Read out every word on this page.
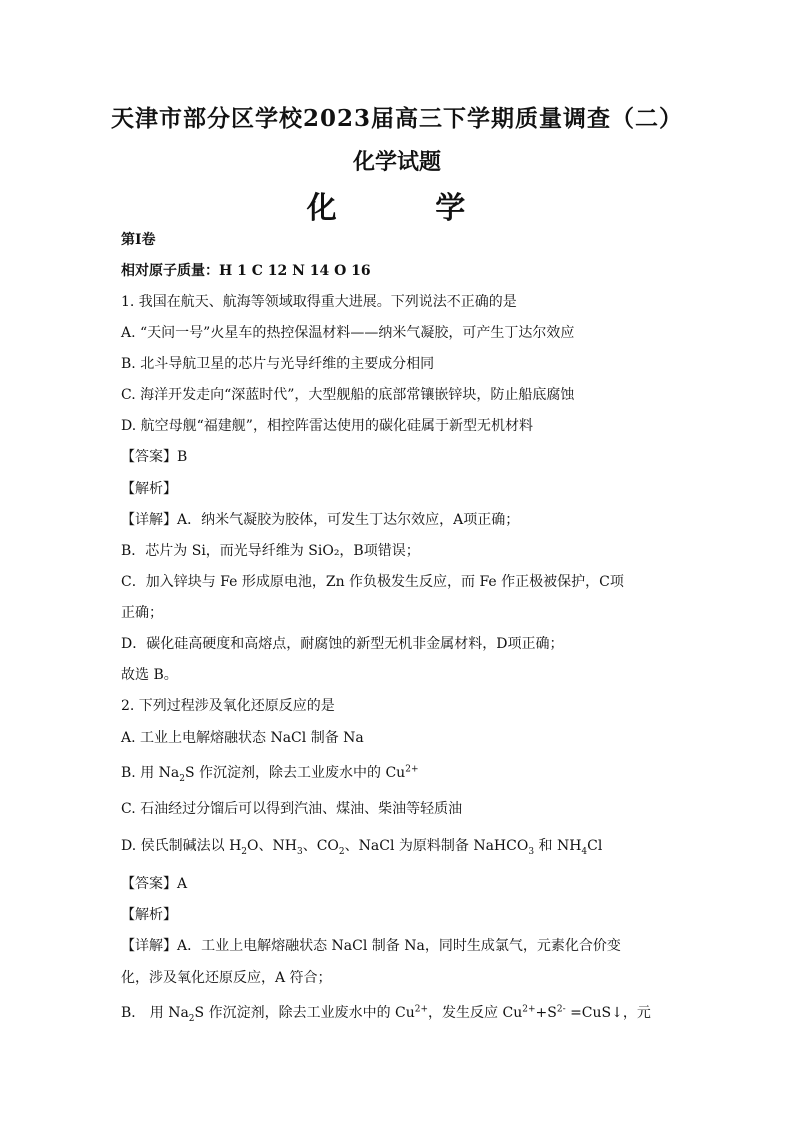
天津市部分区学校2023届高三下学期质量调查（二）
化学试题
化 学
第I卷
相对原子质量：H 1 C 12 N 14 O 16
1. 我国在航天、航海等领域取得重大进展。下列说法不正确的是
A. “天问一号”火星车的热控保温材料——纳米气凝胶，可产生丁达尔效应
B. 北斗导航卫星的芯片与光导纤维的主要成分相同
C. 海洋开发走向“深蓝时代”，大型舰船的底部常镶嵌锌块，防止船底腐蚀
D. 航空母舰“福建舰”，相控阵雷达使用的碳化硅属于新型无机材料
【答案】B
【解析】
【详解】A．纳米气凝胶为胶体，可发生丁达尔效应，A项正确；
B．芯片为 Si，而光导纤维为 SiO₂，B项错误；
C．加入锌块与 Fe 形成原电池，Zn 作负极发生反应，而 Fe 作正极被保护，C项
正确；
D．碳化硅高硬度和高熔点，耐腐蚀的新型无机非金属材料，D项正确；
故选 B。
2. 下列过程涉及氧化还原反应的是
A. 工业上电解熔融状态 NaCl 制备 Na
B. 用 $Na_2S$ 作沉淀剂，除去工业废水中的 $Cu^{2+}$
C. 石油经过分馏后可以得到汽油、煤油、柴油等轻质油
D. 侯氏制碱法以 $H_2O$、$NH_3$、$CO_2$、NaCl 为原料制备 NaHCO$_3$ 和 $NH_4Cl$
【答案】A
【解析】
【详解】A．工业上电解熔融状态 NaCl 制备 Na，同时生成氯气，元素化合价变
化，涉及氧化还原反应，A 符合；
B． 用 $Na_2S$ 作沉淀剂，除去工业废水中的 $Cu^{2+}$，发生反应 $Cu^{2+}+S^{2-}$ =CuS↓，元
